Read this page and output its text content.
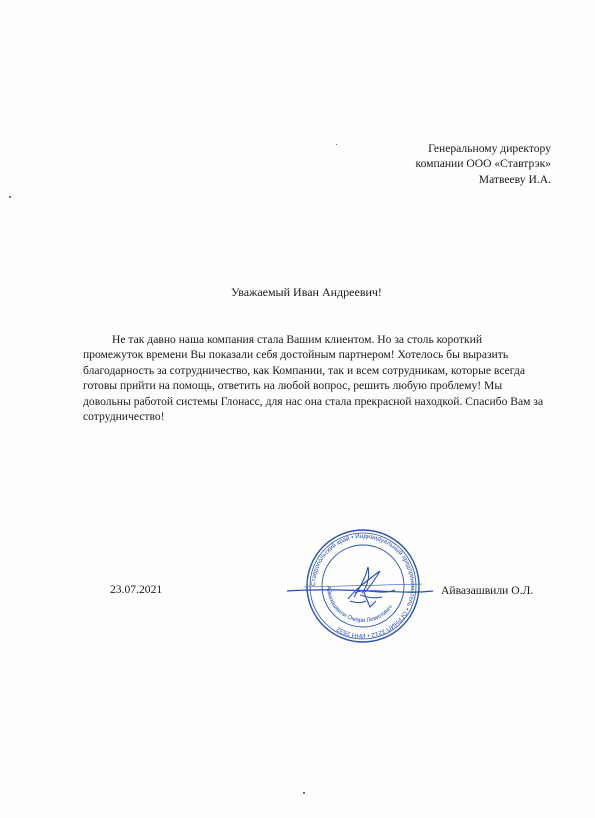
Генеральному директору
компании ООО «Ставтрэк»
Матвееву И.А.
Уважаемый Иван Андреевич!
Не так давно наша компания стала Вашим клиентом. Но за столь короткий
промежуток времени Вы показали себя достойным партнером! Хотелось бы выразить
благодарность за сотрудничество, как Компании, так и всем сотрудникам, которые всегда
готовы прийти на помощь, ответить на любой вопрос, решить любую проблему! Мы
довольны работой системы Глонасс, для нас она стала прекрасной находкой. Спасибо Вам за
сотрудничество!
23.07.2021	Ставропольский край • Индивидуальный предприниматель • ОГРНИП 3212 • ИНН 2632
Айвазашвили Омари Левилович
Айвазашвили О.Л.
